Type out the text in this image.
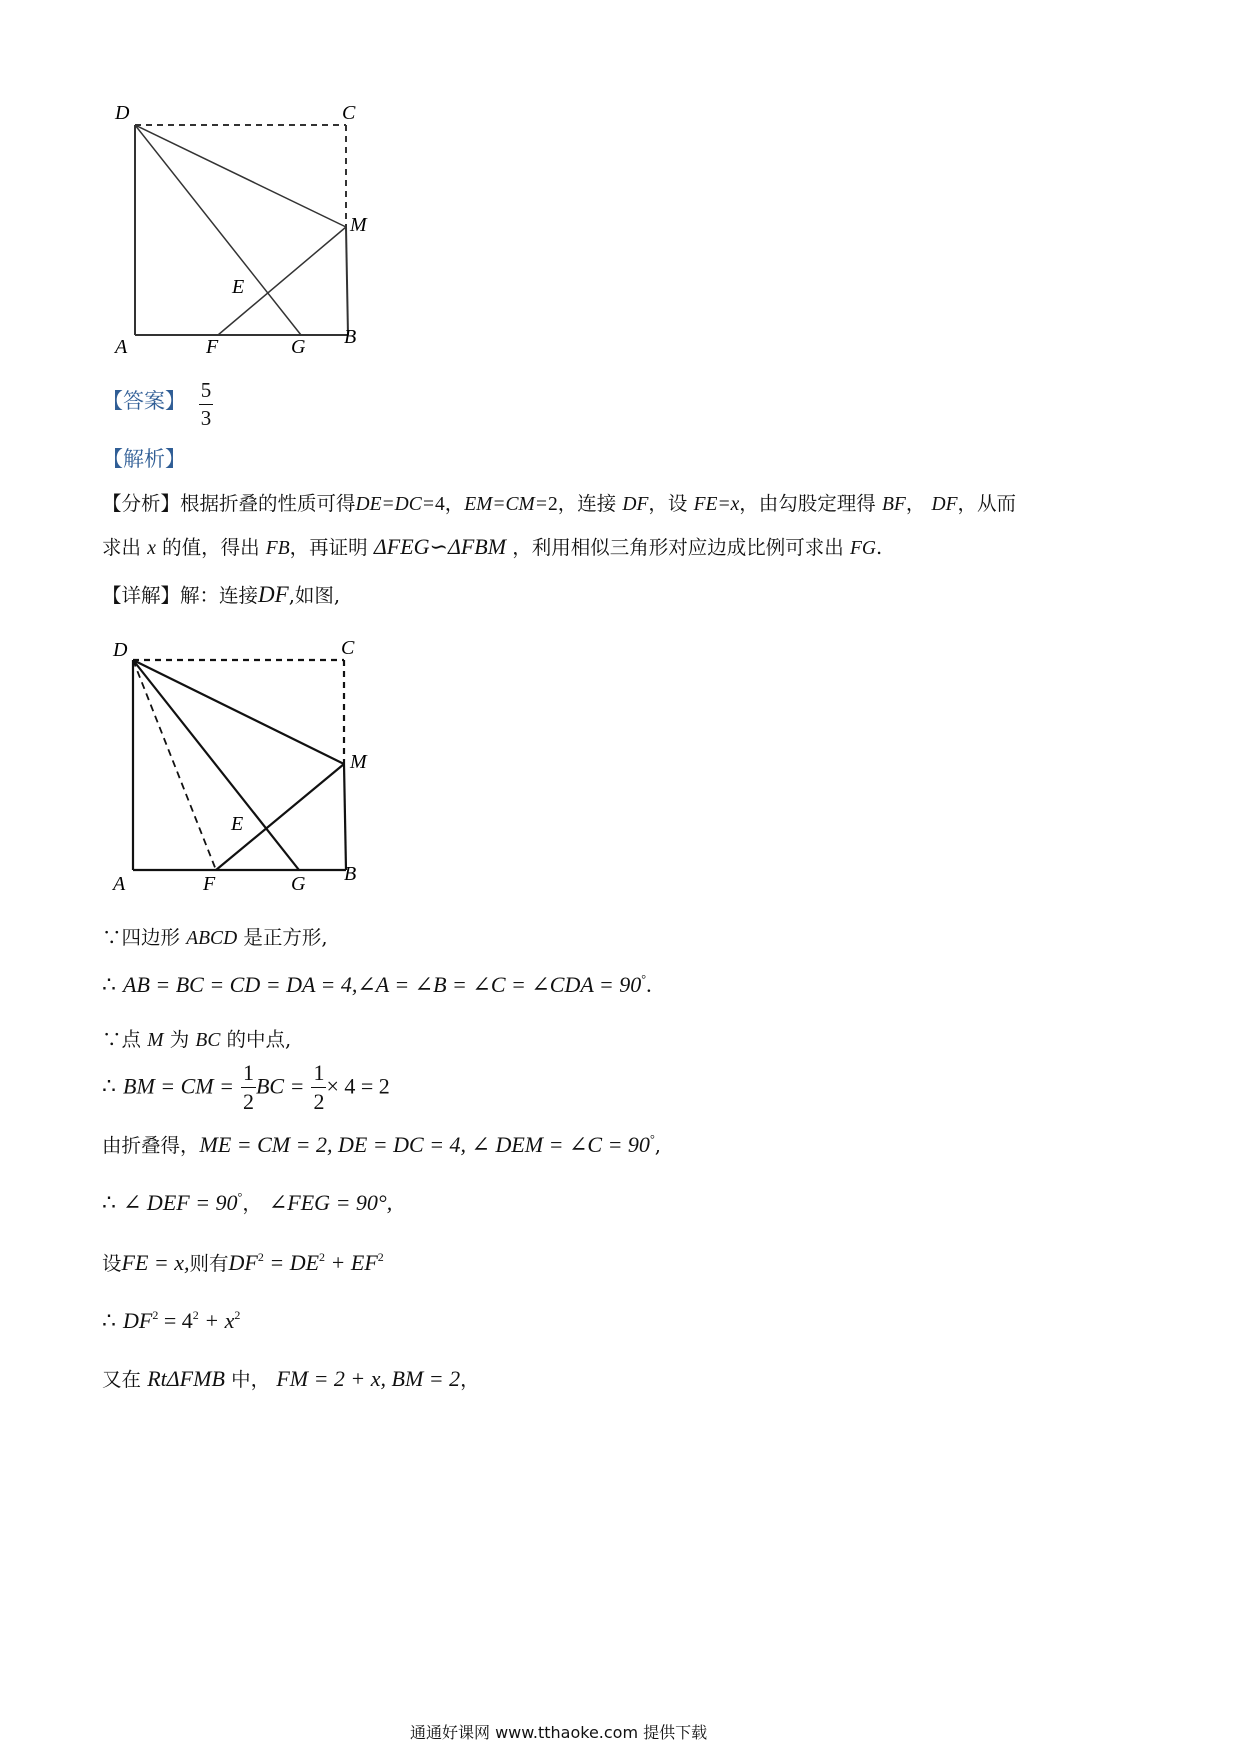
D	C
M
E
A	F	G B
【答案】 $\frac{5}{3}$
【解析】
【分析】根据折叠的性质可得DE=DC=4，EM=CM=2，连接 DF，设 FE=x，由勾股定理得 BF， DF，从而
求出 x 的值，得出 FB，再证明 ΔFEG∽ΔFBM ，利用相似三角形对应边成比例可求出 FG.
【详解】解：连接DF,如图,
D	C
M
E
A	F	G B
∵四边形 ABCD 是正方形,
∴ AB = BC = CD = DA = 4,∠A = ∠B = ∠C = ∠CDA = 90°.
∵点 M 为 BC 的中点,
∴ BM = CM = $\frac{1}{2}$ BC = $\frac{1}{2} \times 4 = 2$
由折叠得，ME = CM = 2, DE = DC = 4, ∠ DEM = ∠C = 90°,
∴ ∠ DEF = 90°， ∠FEG = 90°,
设FE = x,则有$DF^2 = DE^2 + EF^2$
∴ $DF^2 = 4^2 + x^2$
又在 RtΔFMB 中， FM = 2 + x, BM = 2，
通通好课网 www.tthaoke.com 提供下载
